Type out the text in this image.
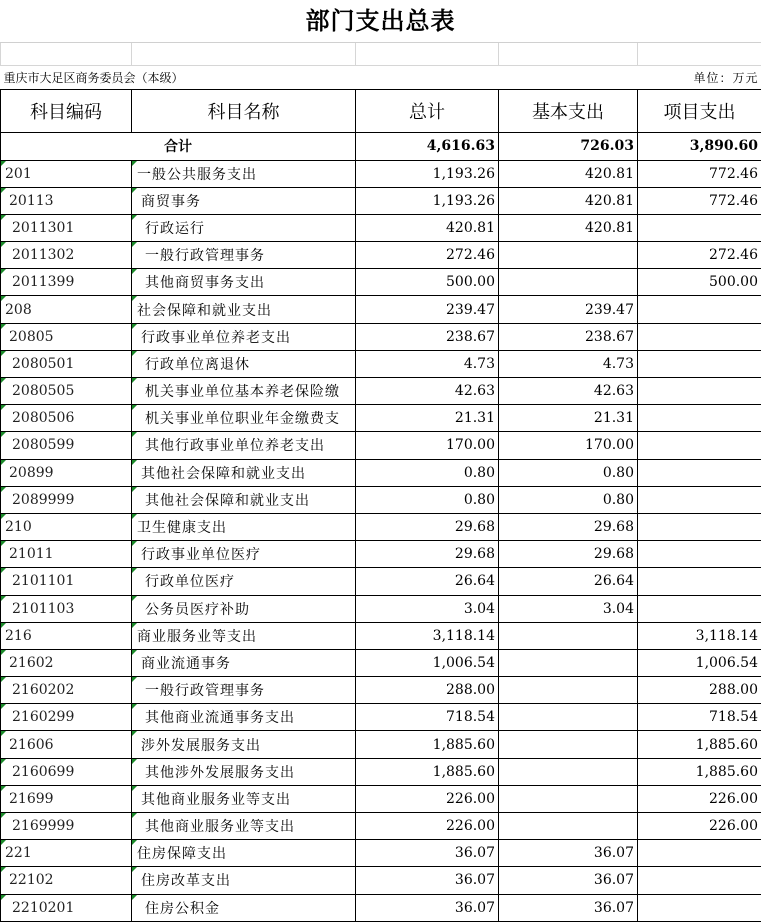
部门支出总表

重庆市大足区商务委员会（本级）				单位：万元
科目编码	科目名称	总计	基本支出	项目支出
合计		4,616.63	726.03	3,890.60

201	一般公共服务支出	1,193.26	420.81	772.46

20113	商贸事务	1,193.26	420.81	772.46

2011301	行政运行	420.81	420.81	

2011302	一般行政管理事务	272.46		272.46

2011399	其他商贸事务支出	500.00		500.00

208	社会保障和就业支出	239.47	239.47	

20805	行政事业单位养老支出	238.67	238.67	

2080501	行政单位离退休	4.73	4.73	

2080505	机关事业单位基本养老保险缴	42.63	42.63	

2080506	机关事业单位职业年金缴费支	21.31	21.31	

2080599	其他行政事业单位养老支出	170.00	170.00	

20899	其他社会保障和就业支出	0.80	0.80	

2089999	其他社会保障和就业支出	0.80	0.80	

210	卫生健康支出	29.68	29.68	

21011	行政事业单位医疗	29.68	29.68	

2101101	行政单位医疗	26.64	26.64	

2101103	公务员医疗补助	3.04	3.04	

216	商业服务业等支出	3,118.14		3,118.14

21602	商业流通事务	1,006.54		1,006.54

2160202	一般行政管理事务	288.00		288.00

2160299	其他商业流通事务支出	718.54		718.54

21606	涉外发展服务支出	1,885.60		1,885.60

2160699	其他涉外发展服务支出	1,885.60		1,885.60

21699	其他商业服务业等支出	226.00		226.00

2169999	其他商业服务业等支出	226.00		226.00

221	住房保障支出	36.07	36.07	

22102	住房改革支出	36.07	36.07	

2210201	住房公积金	36.07	36.07	
